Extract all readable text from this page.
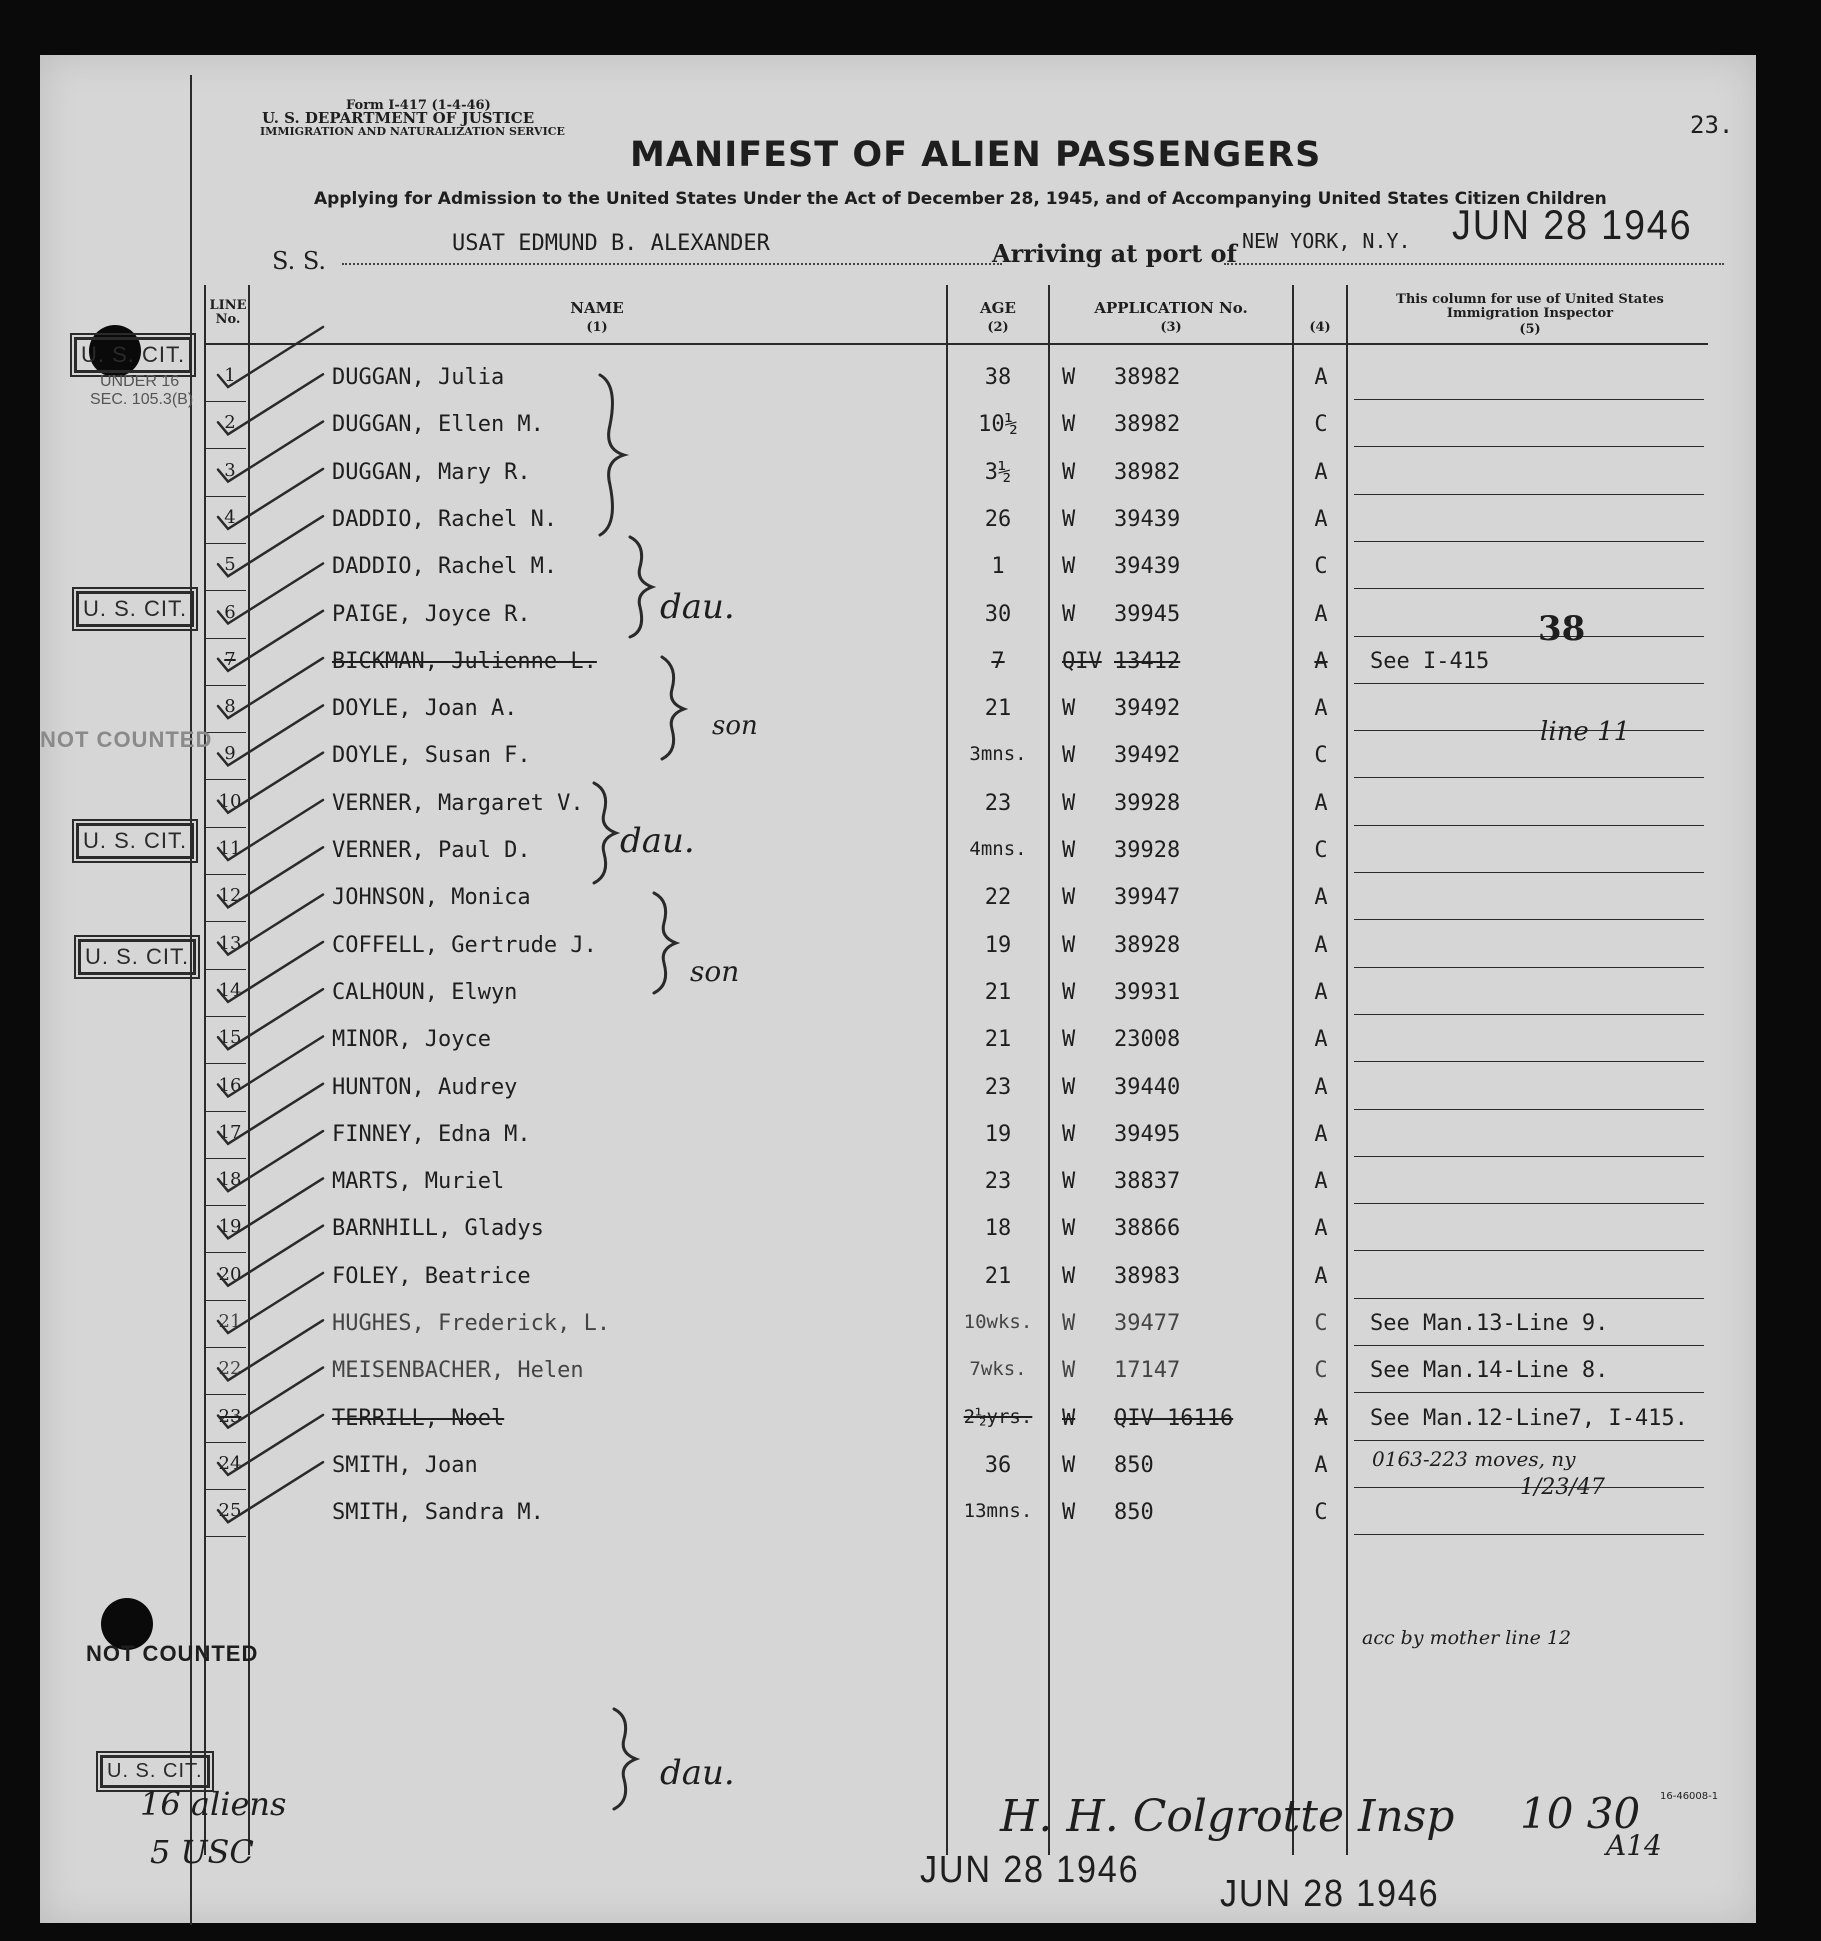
Form I-417 (1-4-46)
U. S. DEPARTMENT OF JUSTICE
IMMIGRATION AND NATURALIZATION SERVICE	23.
MANIFEST OF ALIEN PASSENGERS
Applying for Admission to the United States Under the Act of December 28, 1945, and of Accompanying United States Citizen Children
S. S.
USAT EDMUND B. ALEXANDER	Arriving at port of NEW YORK, N.Y. JUN 28 1946
LINE No.
NAME
(1)
AGE
(2)
APPLICATION No.
(3)	(4)
This column for use of United States Immigration Inspector
(5)
1	DUGGAN, Julia	38	W	38982	A
2	DUGGAN, Ellen M.	10½	W	38982	C
3	DUGGAN, Mary R.	3½	W	38982	A
4	DADDIO, Rachel N.	26	W	39439	A
5	DADDIO, Rachel M.	1	W	39439	C
6	PAIGE, Joyce R.	30	W	39945	A
7	BICKMAN, Julienne L.	7	QIV 13412	A	See I-415
8	DOYLE, Joan A.	21	W	39492	A
9	DOYLE, Susan F.	3mns.	W	39492	C
10	VERNER, Margaret V.	23	W	39928	A
11	VERNER, Paul D.	4mns.	W	39928	C
12	JOHNSON, Monica	22	W	39947	A
13	COFFELL, Gertrude J.	19	W	38928	A
14	CALHOUN, Elwyn	21	W	39931	A
15	MINOR, Joyce	21	W	23008	A
16	HUNTON, Audrey	23	W	39440	A
17	FINNEY, Edna M.	19	W	39495	A
18	MARTS, Muriel	23	W	38837	A
19	BARNHILL, Gladys	18	W	38866	A
20	FOLEY, Beatrice	21	W	38983	A
21	HUGHES, Frederick, L.	10wks.	W	39477	C	See Man.13-Line 9.
22	MEISENBACHER, Helen	7wks.	W	17147	C	See Man.14-Line 8.
23	TERRILL, Noel	2½yrs.	W	QIV 16116	A	See Man.12-Line7, I-415.
24	SMITH, Joan	36	W	850	A
25	SMITH, Sandra M.	13mns.	W	850	C
U. S. CIT.
UNDER 16
SEC. 105.3(B)
U. S. CIT.
NOT COUNTED
U. S. CIT.
U. S. CIT.
NOT COUNTED
U. S. CIT.
38
line 11
0163-223 moves, ny
1/23/47
acc by mother line 12
dau.
son
dau.
son
dau.
16 aliens
5 USC
H. H. Colgrotte Insp 10 30
A14
16-46008-1
JUN 28 1946
JUN 28 1946
